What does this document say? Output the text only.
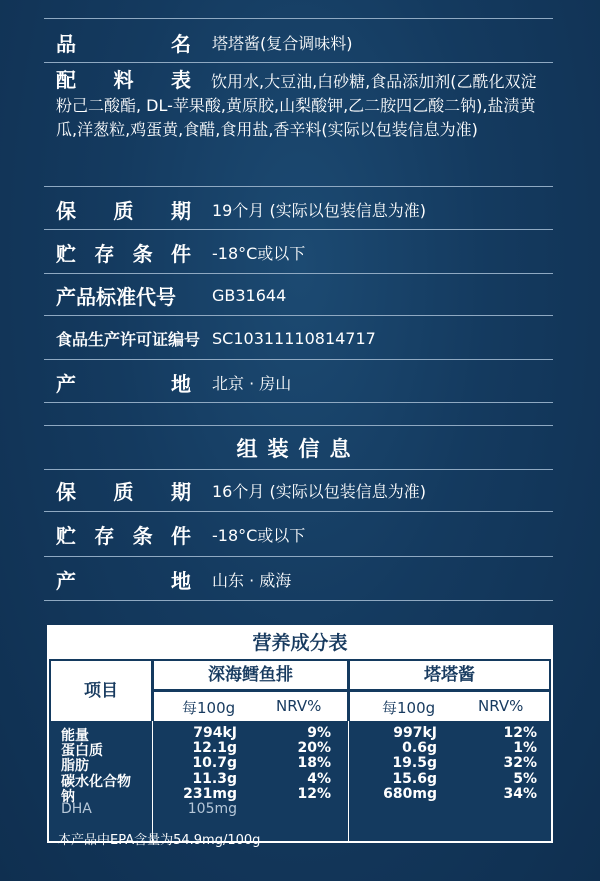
品	名 塔塔酱(复合调味料)
配 料 表 饮用水,大豆油,白砂糖,食品添加剂(乙酰化双淀粉己二酸酯, DL-苹果酸,黄原胶,山梨酸钾,乙二胺四乙酸二钠),盐渍黄瓜,洋葱粒,鸡蛋黄,食醋,食用盐,香辛料(实际以包装信息为准)
保 质 期 19个月 (实际以包装信息为准)
贮 存 条 件 -18°C或以下
产品标准代号	GB31644
食品生产许可证编号 SC10311110814717
产	地 北京 · 房山
组装信息
保 质 期 16个月 (实际以包装信息为准)
贮 存 条 件 -18°C或以下
产	地 山东 · 威海
营养成分表
项目
深海鳕鱼排
每100g	NRV%
塔塔酱
每100g	NRV%
能量	794kJ	9%	997kJ	12%
蛋白质	12.1g	20%	0.6g	1%
脂肪	10.7g	18%	19.5g	32%
碳水化合物	11.3g	4%	15.6g	5%
钠	231mg	12%	680mg	34%
DHA	105mg
本产品中EPA含量为54.9mg/100g
